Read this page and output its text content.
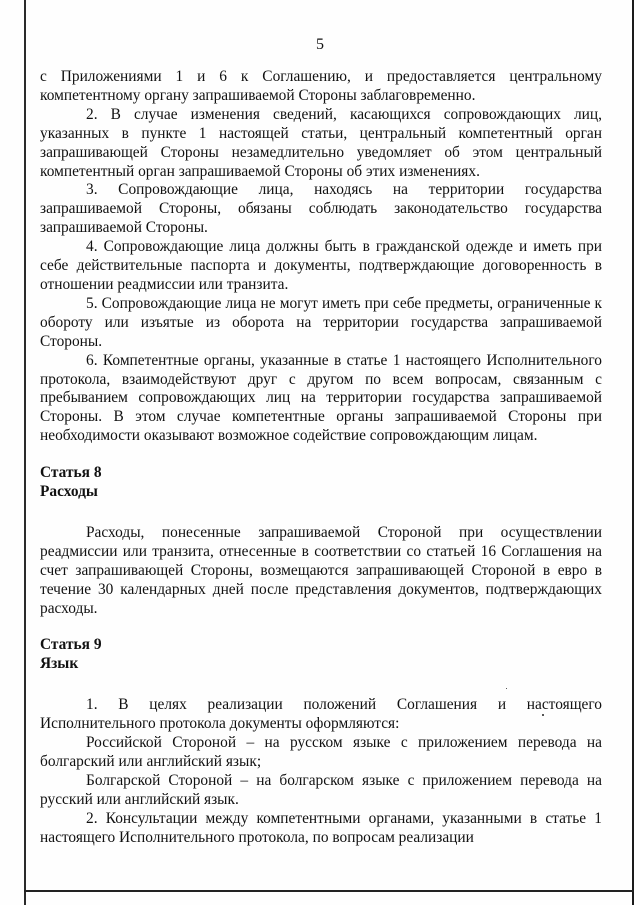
5

с Приложениями 1 и 6 к Соглашению, и предоставляется центральному компетентному органу запрашиваемой Стороны заблаговременно.

2. В случае изменения сведений, касающихся сопровождающих лиц, указанных в пункте 1 настоящей статьи, центральный компетентный орган запрашивающей Стороны незамедлительно уведомляет об этом центральный компетентный орган запрашиваемой Стороны об этих изменениях.

3. Сопровождающие лица, находясь на территории государства запрашиваемой Стороны, обязаны соблюдать законодательство государства запрашиваемой Стороны.

4. Сопровождающие лица должны быть в гражданской одежде и иметь при себе действительные паспорта и документы, подтверждающие договоренность в отношении реадмиссии или транзита.

5. Сопровождающие лица не могут иметь при себе предметы, ограниченные к обороту или изъятые из оборота на территории государства запрашиваемой Стороны.

6. Компетентные органы, указанные в статье 1 настоящего Исполнительного протокола, взаимодействуют друг с другом по всем вопросам, связанным с пребыванием сопровождающих лиц на территории государства запрашиваемой Стороны. В этом случае компетентные органы запрашиваемой Стороны при необходимости оказывают возможное содействие сопровождающим лицам.

Статья 8

Расходы

Расходы, понесенные запрашиваемой Стороной при осуществлении реадмиссии или транзита, отнесенные в соответствии со статьей 16 Соглашения на счет запрашивающей Стороны, возмещаются запрашивающей Стороной в евро в течение 30 календарных дней после представления документов, подтверждающих расходы.

Статья 9

Язык

1. В целях реализации положений Соглашения и настоящего Исполнительного протокола документы оформляются:

Российской Стороной – на русском языке с приложением перевода на болгарский или английский язык;

Болгарской Стороной – на болгарском языке с приложением перевода на русский или английский язык.

2. Консультации между компетентными органами, указанными в статье 1 настоящего Исполнительного протокола, по вопросам реализации
